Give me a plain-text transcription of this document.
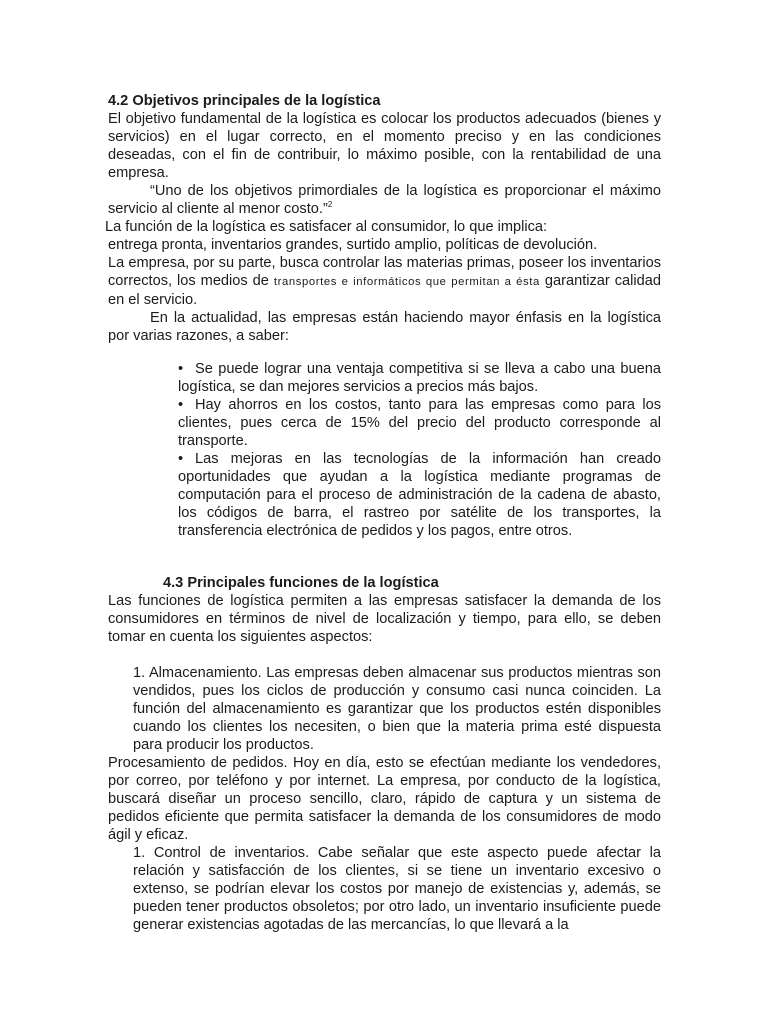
4.2 Objetivos principales de la logística

El objetivo fundamental de la logística es colocar los productos adecuados (bienes y servicios) en el lugar correcto, en el momento preciso y en las condiciones deseadas, con el fin de contribuir, lo máximo posible, con la rentabilidad de una empresa.

“Uno de los objetivos primordiales de la logística es proporcionar el máximo servicio al cliente al menor costo.”$^2$

La función de la logística es satisfacer al consumidor, lo que implica:

entrega pronta, inventarios grandes, surtido amplio, políticas de devolución.

La empresa, por su parte, busca controlar las materias primas, poseer los inventarios correctos, los medios de transportes e informáticos que permitan a ésta garantizar calidad en el servicio.

En la actualidad, las empresas están haciendo mayor énfasis en la logística por varias razones, a saber:

• Se puede lograr una ventaja competitiva si se lleva a cabo una buena logística, se dan mejores servicios a precios más bajos.
• Hay ahorros en los costos, tanto para las empresas como para los clientes, pues cerca de 15% del precio del producto corresponde al transporte.
• Las mejoras en las tecnologías de la información han creado oportunidades que ayudan a la logística mediante programas de computación para el proceso de administración de la cadena de abasto, los códigos de barra, el rastreo por satélite de los transportes, la transferencia electrónica de pedidos y los pagos, entre otros.

4.3 Principales funciones de la logística

Las funciones de logística permiten a las empresas satisfacer la demanda de los consumidores en términos de nivel de localización y tiempo, para ello, se deben tomar en cuenta los siguientes aspectos:

1. Almacenamiento. Las empresas deben almacenar sus productos mientras son vendidos, pues los ciclos de producción y consumo casi nunca coinciden. La función del almacenamiento es garantizar que los productos estén disponibles cuando los clientes los necesiten, o bien que la materia prima esté dispuesta para producir los productos.

Procesamiento de pedidos. Hoy en día, esto se efectúan mediante los vendedores, por correo, por teléfono y por internet. La empresa, por conducto de la logística, buscará diseñar un proceso sencillo, claro, rápido de captura y un sistema de pedidos eficiente que permita satisfacer la demanda de los consumidores de modo ágil y eficaz.

1. Control de inventarios. Cabe señalar que este aspecto puede afectar la relación y satisfacción de los clientes, si se tiene un inventario excesivo o extenso, se podrían elevar los costos por manejo de existencias y, además, se pueden tener productos obsoletos; por otro lado, un inventario insuficiente puede generar existencias agotadas de las mercancías, lo que llevará a la
